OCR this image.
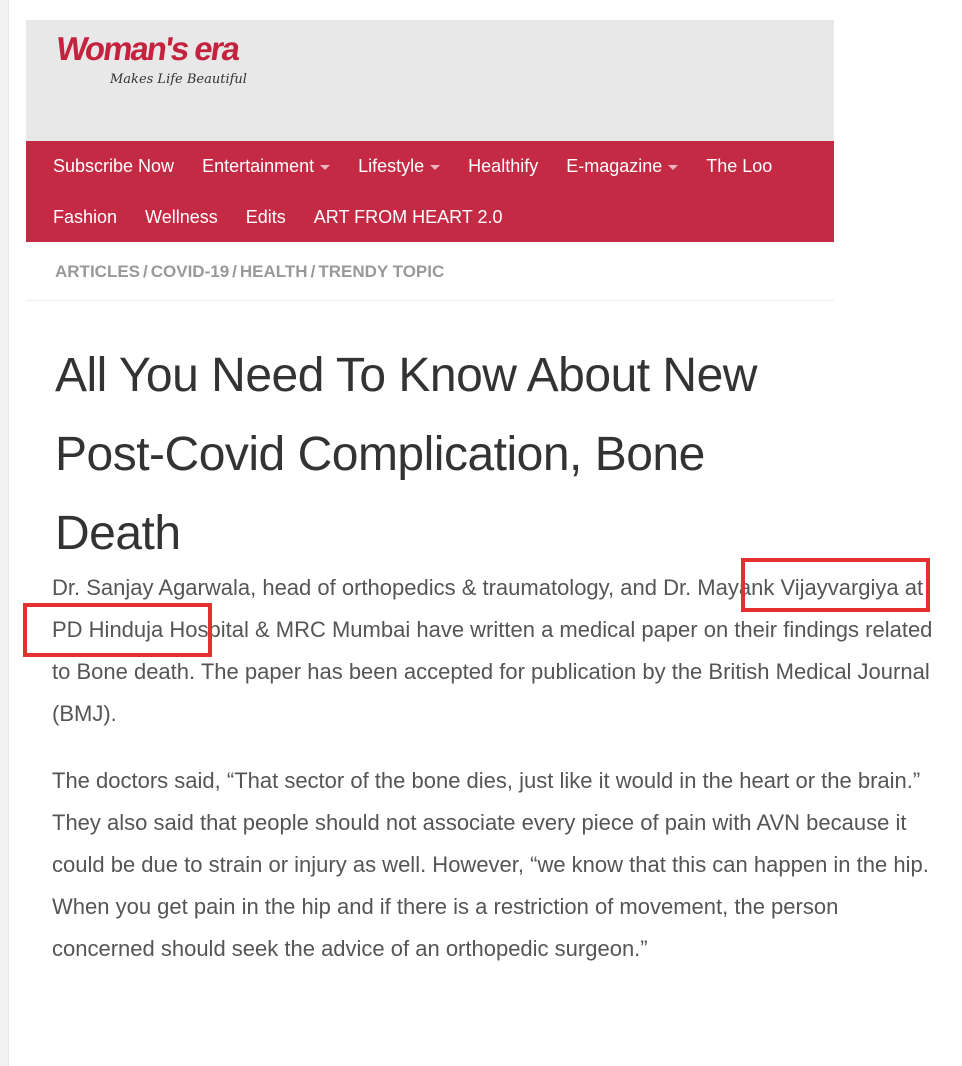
Woman's era
Makes Life Beautiful
Subscribe Now Entertainment Lifestyle Healthify E-magazine The Loo
Fashion Wellness Edits ART FROM HEART 2.0
ARTICLES / COVID-19 / HEALTH / TRENDY TOPIC
All You Need To Know About New Post-Covid Complication, Bone Death

Dr. Sanjay Agarwala, head of orthopedics & traumatology, and Dr. Mayank Vijayvargiya at PD Hinduja Hospital & MRC Mumbai have written a medical paper on their findings related to Bone death. The paper has been accepted for publication by the British Medical Journal (BMJ).

The doctors said, “That sector of the bone dies, just like it would in the heart or the brain.” They also said that people should not associate every piece of pain with AVN because it could be due to strain or injury as well. However, “we know that this can happen in the hip. When you get pain in the hip and if there is a restriction of movement, the person concerned should seek the advice of an orthopedic surgeon.”
